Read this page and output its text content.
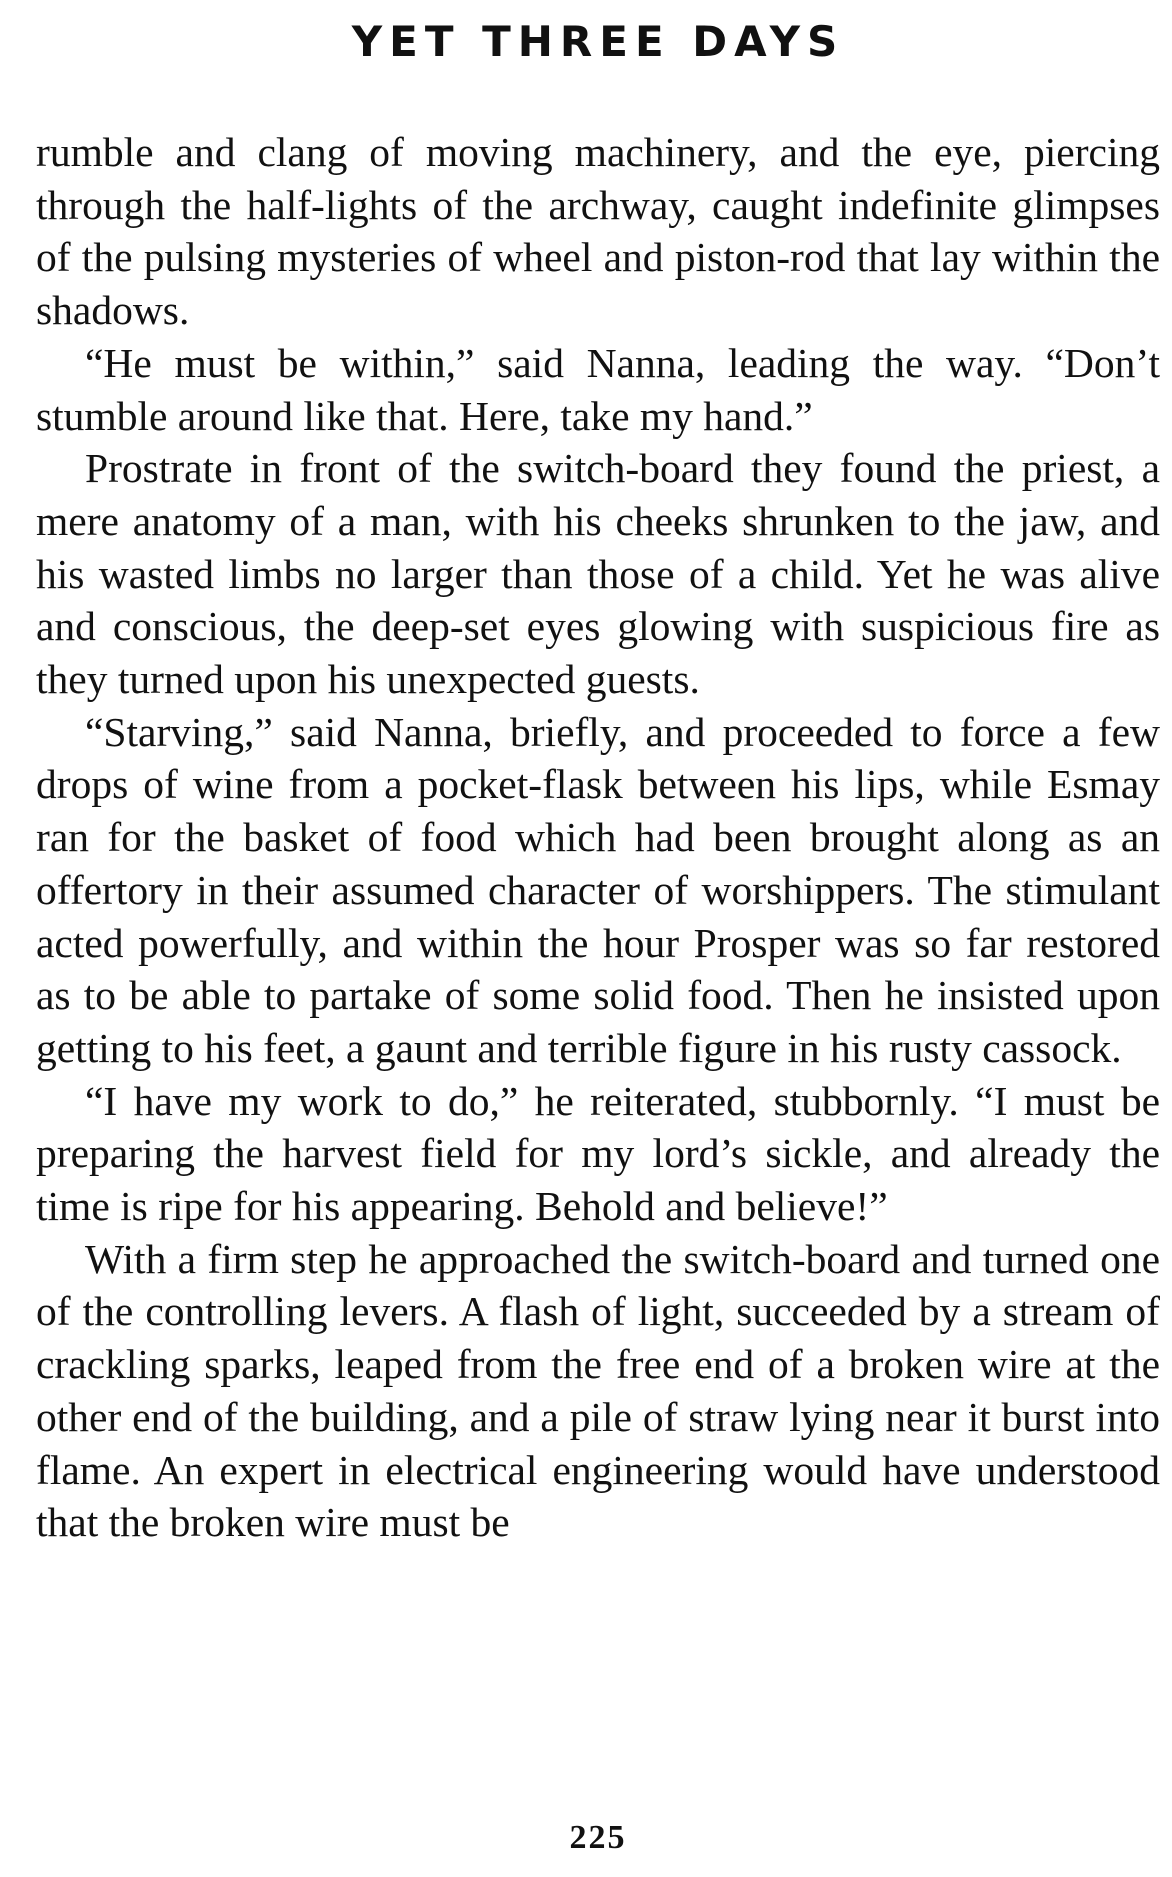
YET THREE DAYS

rumble and clang of moving machinery, and the eye, piercing through the half-lights of the archway, caught indefinite glimpses of the pulsing mysteries of wheel and piston-rod that lay within the shadows.

“He must be within,” said Nanna, leading the way. “Don’t stumble around like that. Here, take my hand.”

Prostrate in front of the switch-board they found the priest, a mere anatomy of a man, with his cheeks shrunken to the jaw, and his wasted limbs no larger than those of a child. Yet he was alive and conscious, the deep-set eyes glowing with suspicious fire as they turned upon his unexpected guests.

“Starving,” said Nanna, briefly, and proceeded to force a few drops of wine from a pocket-flask between his lips, while Esmay ran for the basket of food which had been brought along as an offertory in their assumed character of worshippers. The stimulant acted powerfully, and within the hour Prosper was so far restored as to be able to partake of some solid food. Then he insisted upon getting to his feet, a gaunt and terrible figure in his rusty cassock.

“I have my work to do,” he reiterated, stubbornly. “I must be preparing the harvest field for my lord’s sickle, and already the time is ripe for his appearing. Behold and believe!”

With a firm step he approached the switch-board and turned one of the controlling levers. A flash of light, succeeded by a stream of crackling sparks, leaped from the free end of a broken wire at the other end of the building, and a pile of straw lying near it burst into flame. An expert in electrical engineering would have understood that the broken wire must be

225
